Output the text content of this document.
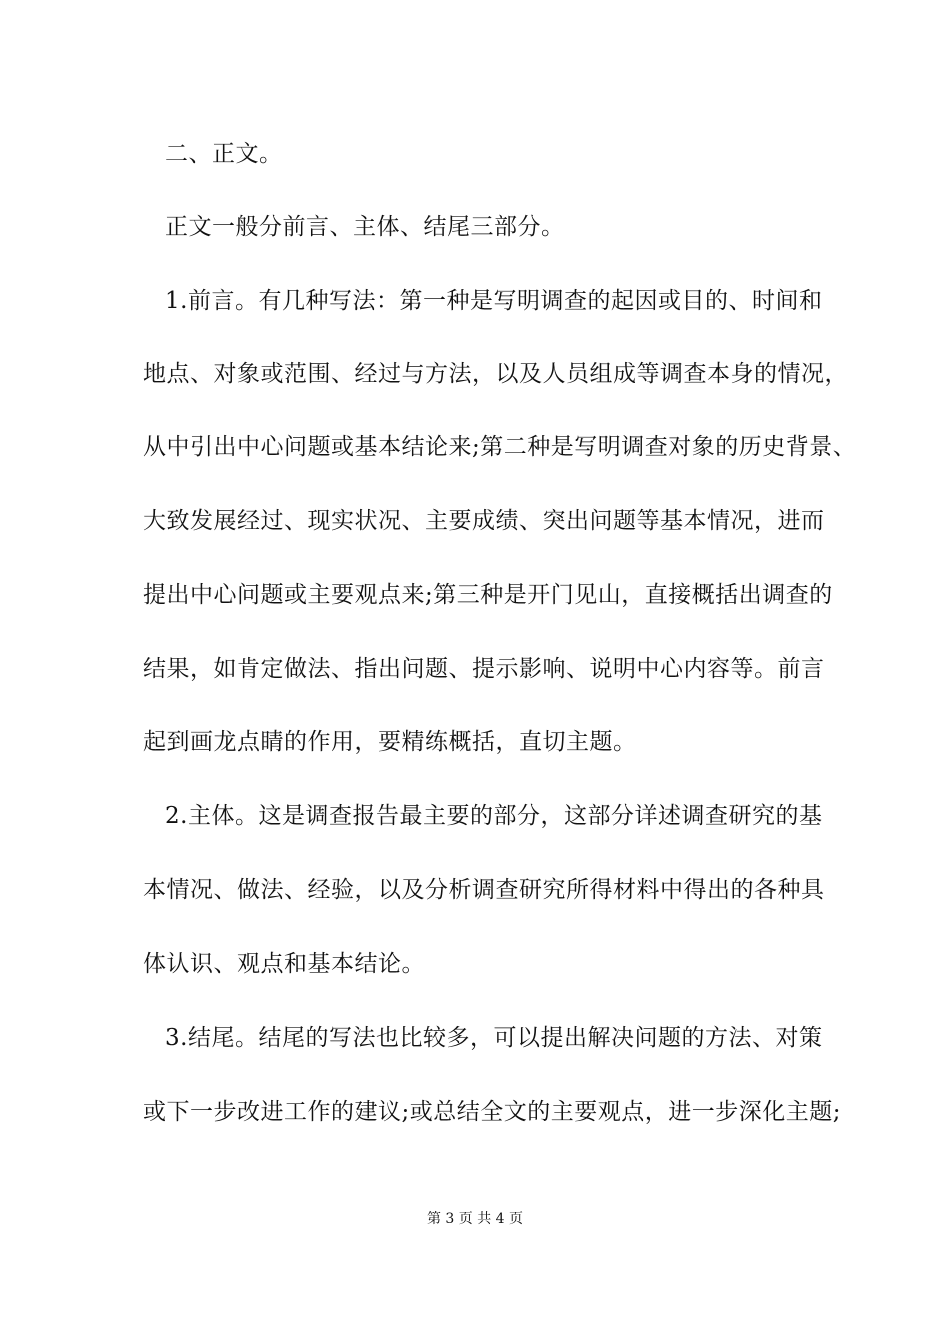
二、正文。
正文一般分前言、主体、结尾三部分。
1.前言。有几种写法：第一种是写明调查的起因或目的、时间和
地点、对象或范围、经过与方法，以及人员组成等调查本身的情况，
从中引出中心问题或基本结论来;第二种是写明调查对象的历史背景、
大致发展经过、现实状况、主要成绩、突出问题等基本情况，进而
提出中心问题或主要观点来;第三种是开门见山，直接概括出调查的
结果，如肯定做法、指出问题、提示影响、说明中心内容等。前言
起到画龙点睛的作用，要精练概括，直切主题。
2.主体。这是调查报告最主要的部分，这部分详述调查研究的基
本情况、做法、经验，以及分析调查研究所得材料中得出的各种具
体认识、观点和基本结论。
3.结尾。结尾的写法也比较多，可以提出解决问题的方法、对策
或下一步改进工作的建议;或总结全文的主要观点，进一步深化主题;
第 3 页 共 4 页
